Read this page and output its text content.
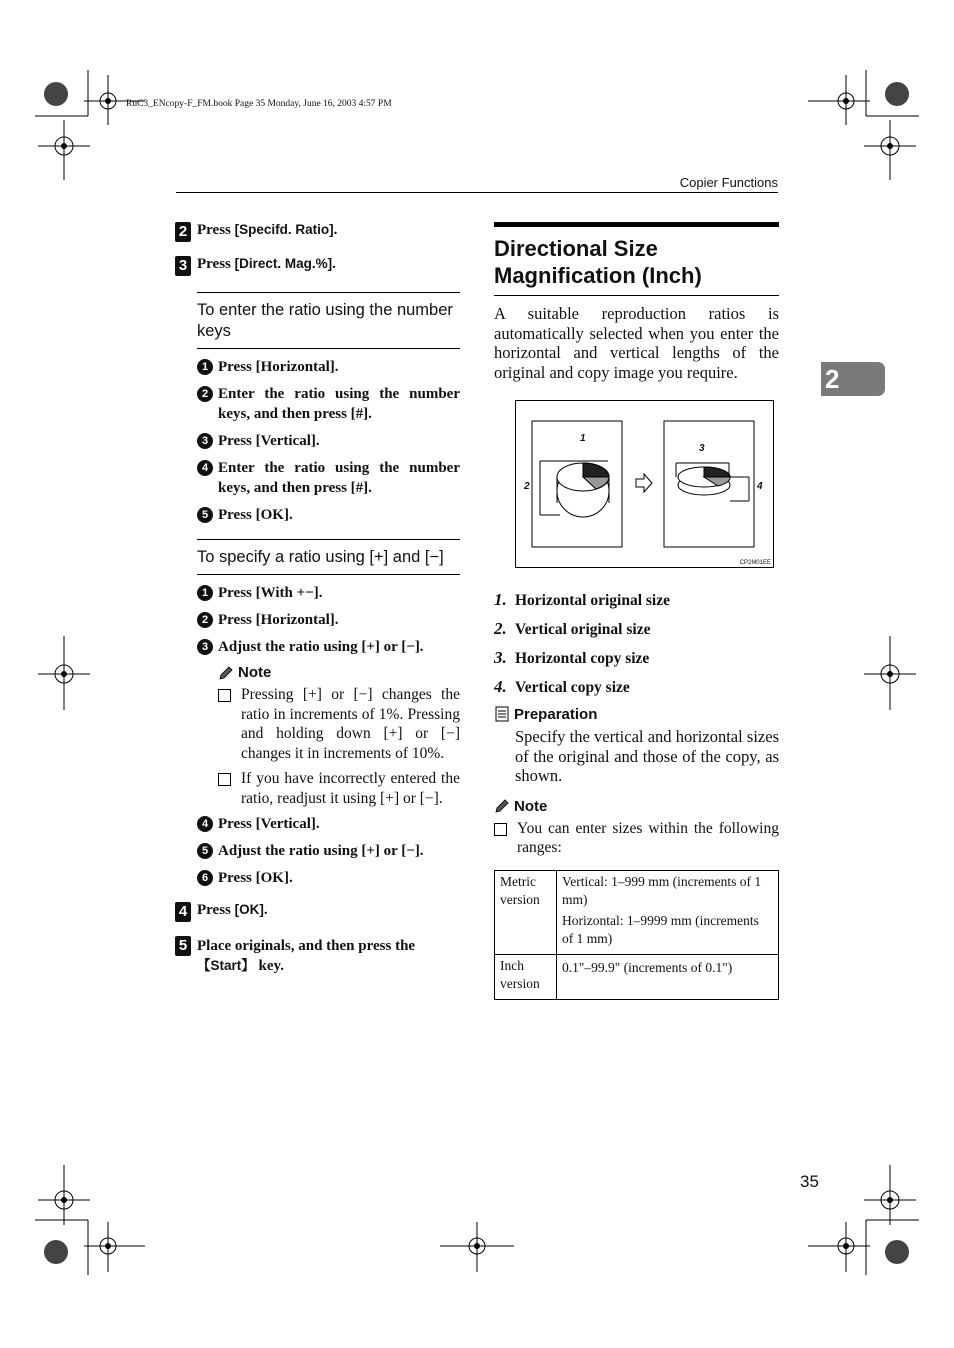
RuC3_ENcopy-F_FM.book Page 35 Monday, June 16, 2003 4:57 PM
Copier Functions
2
35
2 Press [Specifd. Ratio].
3 Press [Direct. Mag.%].
To enter the ratio using the number keys
1 Press [Horizontal].
2 Enter the ratio using the number keys, and then press [#].
3 Press [Vertical].
4 Enter the ratio using the number keys, and then press [#].
5 Press [OK].
To specify a ratio using [+] and [−]
1 Press [With +−].
2 Press [Horizontal].
3 Adjust the ratio using [+] or [−].
Note
Pressing [+] or [−] changes the ratio in increments of 1%. Pressing and holding down [+] or [−] changes it in increments of 10%.
If you have incorrectly entered the ratio, readjust it using [+] or [−].
4 Press [Vertical].
5 Adjust the ratio using [+] or [−].
6 Press [OK].
4 Press [OK].
5 Place originals, and then press the 【Start】 key.
Directional Size Magnification (Inch)
A suitable reproduction ratios is automatically selected when you enter the horizontal and vertical lengths of the original and copy image you require.
1
2
3
4
CP2M01EE
1. Horizontal original size
2. Vertical original size
3. Horizontal copy size
4. Vertical copy size
Preparation
Specify the vertical and horizontal sizes of the original and those of the copy, as shown.
Note
You can enter sizes within the following ranges:
Metric version	Vertical: 1–999 mm (increments of 1 mm)
Horizontal: 1–9999 mm (increments of 1 mm)

Inch version	0.1"–99.9" (increments of 0.1")
